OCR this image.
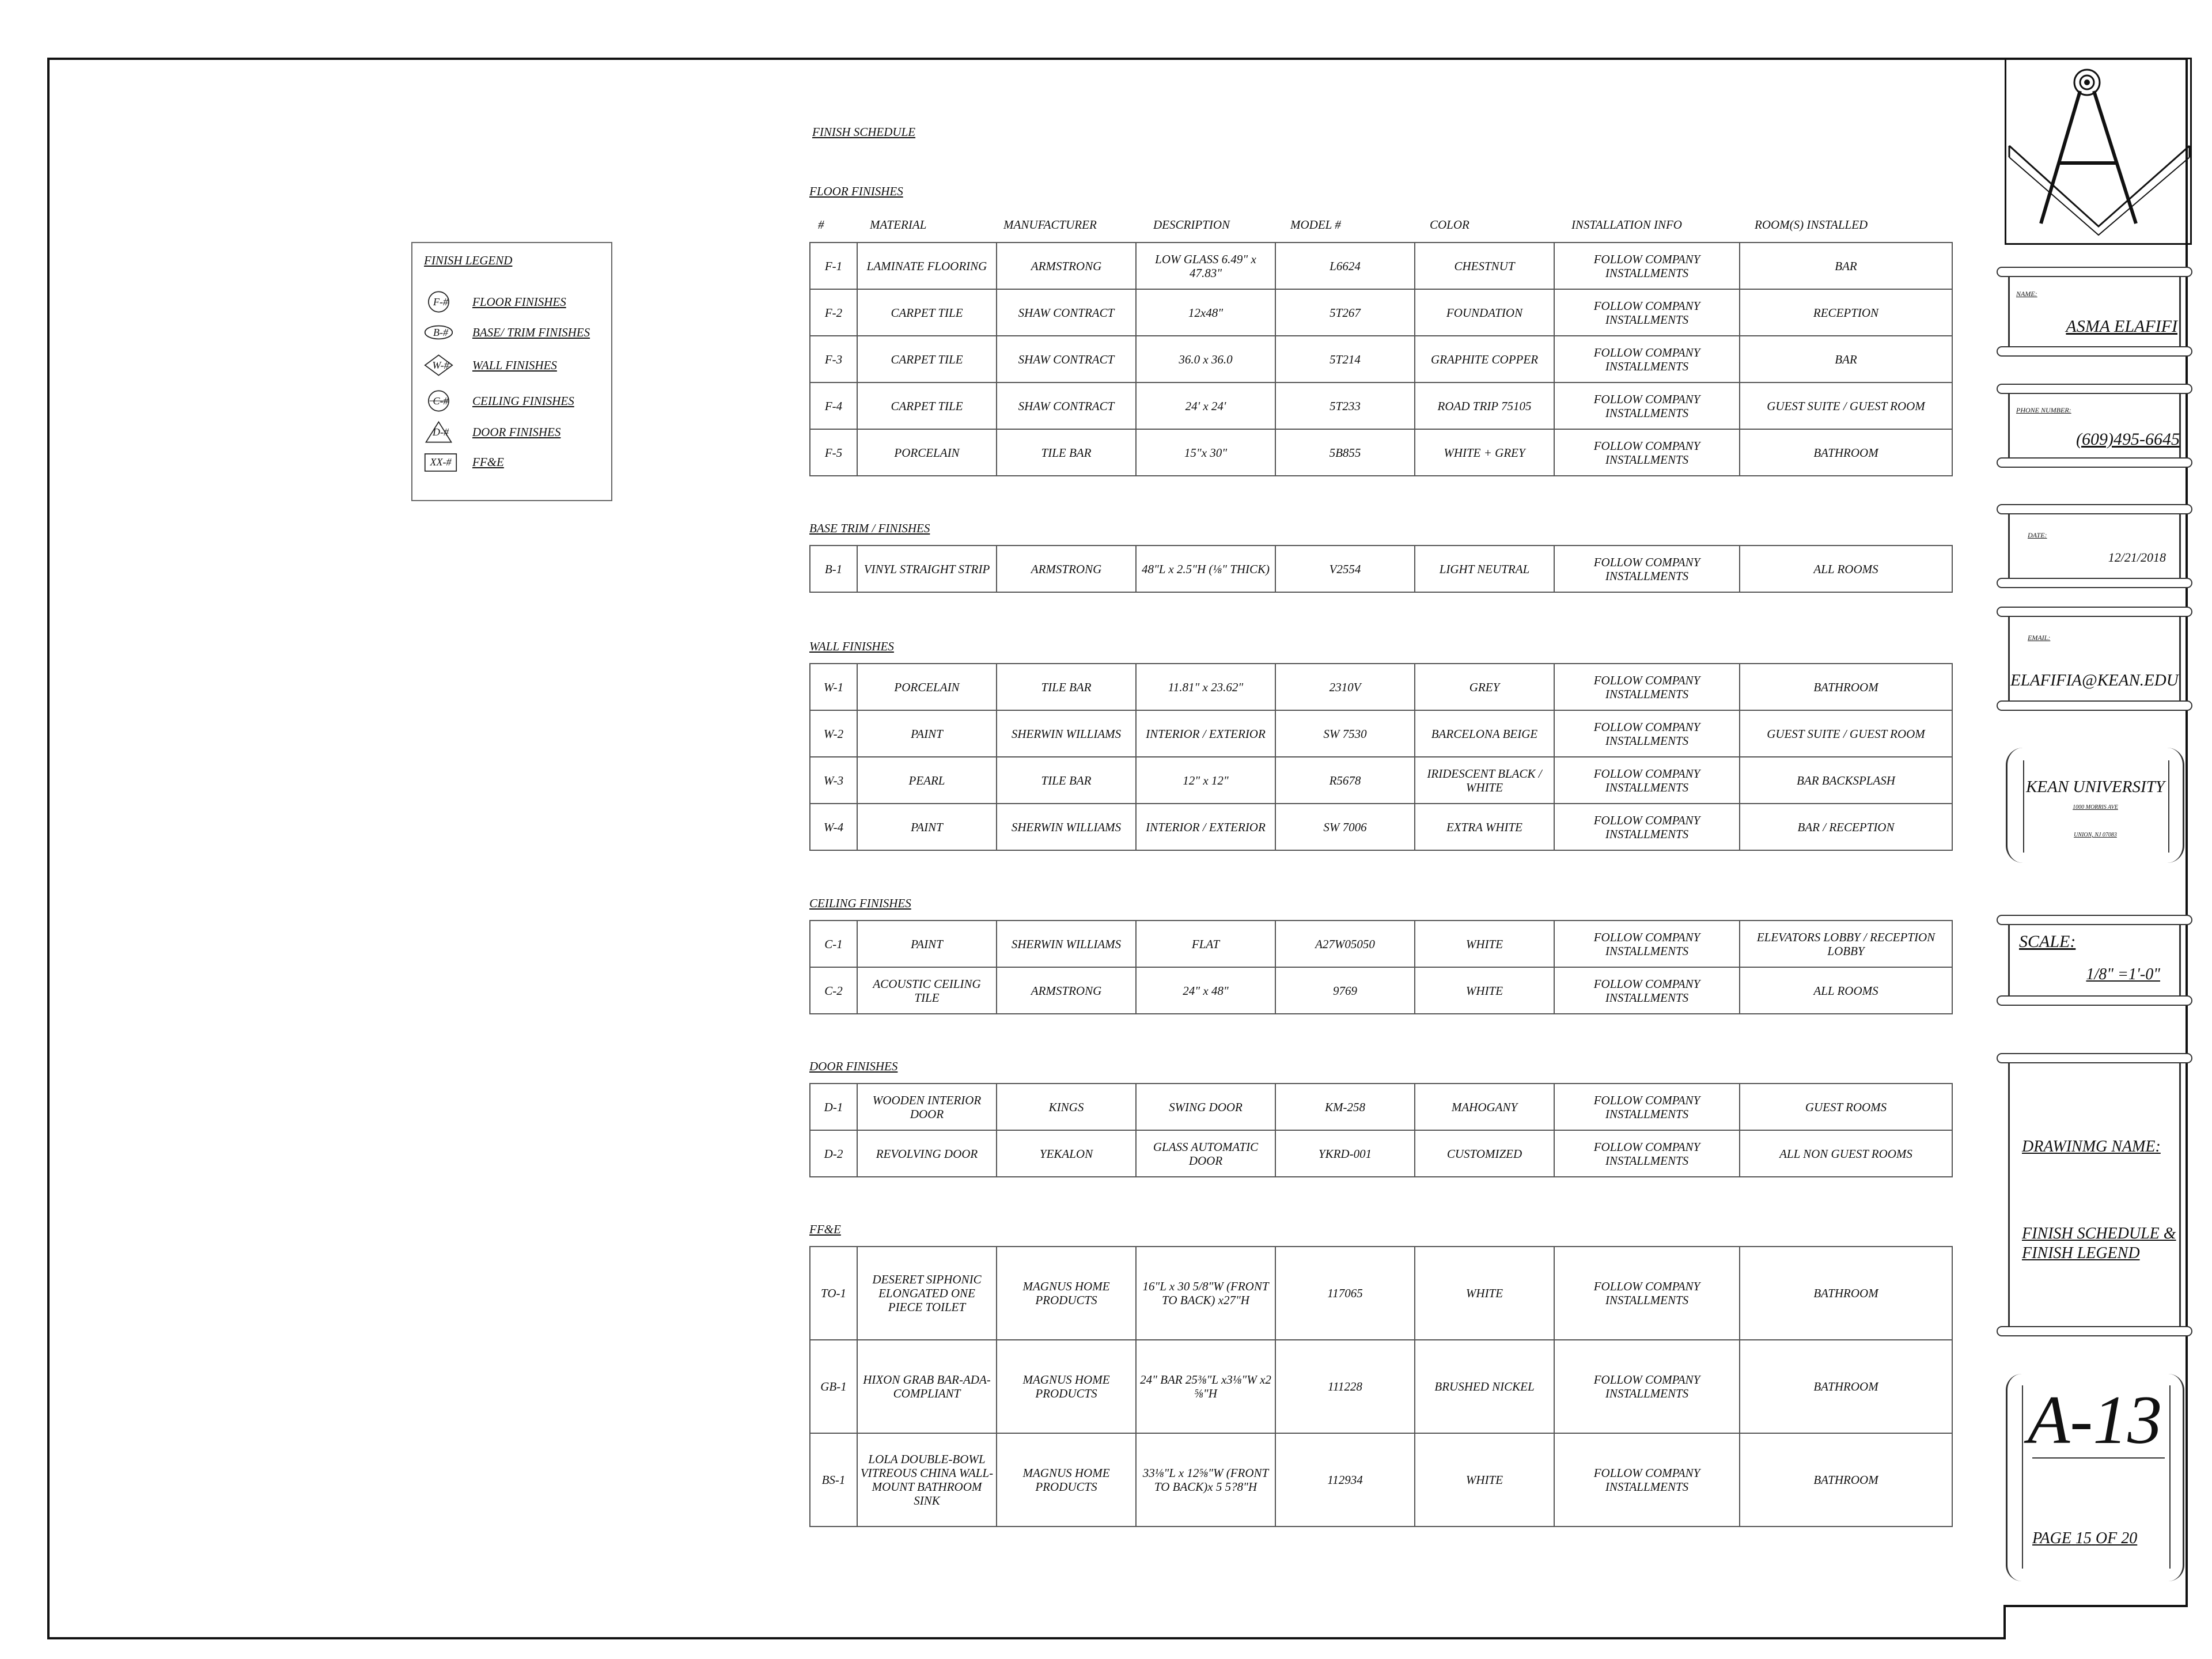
FINISH LEGEND
F-#	FLOOR FINISHES
B-#	BASE/ TRIM FINISHES
W-#	WALL FINISHES
C-#	CEILING FINISHES
D-#	DOOR FINISHES
XX-#	FF&E
FINISH SCHEDULE
#	MATERIAL	MANUFACTURER	DESCRIPTION	MODEL #	COLOR	INSTALLATION INFO	ROOM(S) INSTALLED
FLOOR FINISHES
F-1	LAMINATE FLOORING	ARMSTRONG	LOW GLASS 6.49" x 47.83"	L6624	CHESTNUT	FOLLOW COMPANY INSTALLMENTS	BAR
F-2	CARPET TILE	SHAW CONTRACT	12x48"	5T267	FOUNDATION	FOLLOW COMPANY INSTALLMENTS	RECEPTION
F-3	CARPET TILE	SHAW CONTRACT	36.0 x 36.0	5T214	GRAPHITE COPPER	FOLLOW COMPANY INSTALLMENTS	BAR
F-4	CARPET TILE	SHAW CONTRACT	24' x 24'	5T233	ROAD TRIP 75105	FOLLOW COMPANY INSTALLMENTS	GUEST SUITE / GUEST ROOM
F-5	PORCELAIN	TILE BAR	15"x 30"	5B855	WHITE + GREY	FOLLOW COMPANY INSTALLMENTS	BATHROOM
BASE TRIM / FINISHES
B-1	VINYL STRAIGHT STRIP	ARMSTRONG	48"L x 2.5"H (⅛" THICK)	V2554	LIGHT NEUTRAL	FOLLOW COMPANY INSTALLMENTS	ALL ROOMS
WALL FINISHES
W-1	PORCELAIN	TILE BAR	11.81" x 23.62"	2310V	GREY	FOLLOW COMPANY INSTALLMENTS	BATHROOM
W-2	PAINT	SHERWIN WILLIAMS	INTERIOR / EXTERIOR	SW 7530	BARCELONA BEIGE	FOLLOW COMPANY INSTALLMENTS	GUEST SUITE / GUEST ROOM
W-3	PEARL	TILE BAR	12" x 12"	R5678	IRIDESCENT BLACK / WHITE	FOLLOW COMPANY INSTALLMENTS	BAR BACKSPLASH
W-4	PAINT	SHERWIN WILLIAMS	INTERIOR / EXTERIOR	SW 7006	EXTRA WHITE	FOLLOW COMPANY INSTALLMENTS	BAR / RECEPTION
CEILING FINISHES
C-1	PAINT	SHERWIN WILLIAMS	FLAT	A27W05050	WHITE	FOLLOW COMPANY INSTALLMENTS	ELEVATORS LOBBY / RECEPTION LOBBY
C-2	ACOUSTIC CEILING TILE	ARMSTRONG	24" x 48"	9769	WHITE	FOLLOW COMPANY INSTALLMENTS	ALL ROOMS
DOOR FINISHES
D-1	WOODEN INTERIOR DOOR	KINGS	SWING DOOR	KM-258	MAHOGANY	FOLLOW COMPANY INSTALLMENTS	GUEST ROOMS
D-2	REVOLVING DOOR	YEKALON	GLASS AUTOMATIC DOOR	YKRD-001	CUSTOMIZED	FOLLOW COMPANY INSTALLMENTS	ALL NON GUEST ROOMS
FF&E
TO-1	DESERET SIPHONIC ELONGATED ONE PIECE TOILET	MAGNUS HOME PRODUCTS	16"L x 30 5/8"W (FRONT TO BACK) x27"H	117065	WHITE	FOLLOW COMPANY INSTALLMENTS	BATHROOM
GB-1	HIXON GRAB BAR-ADA-COMPLIANT	MAGNUS HOME PRODUCTS	24" BAR 25⅜"L x3⅛"W x2 ⅝"H	111228	BRUSHED NICKEL	FOLLOW COMPANY INSTALLMENTS	BATHROOM
BS-1	LOLA DOUBLE-BOWL VITREOUS CHINA WALL-MOUNT BATHROOM SINK	MAGNUS HOME PRODUCTS	33⅛"L x 12⅝"W (FRONT TO BACK)x 5 5?8"H	112934	WHITE	FOLLOW COMPANY INSTALLMENTS	BATHROOM
NAME:
ASMA ELAFIFI
PHONE NUMBER:
(609)495-6645
DATE:
12/21/2018
EMAIL:
ELAFIFIA@KEAN.EDU
KEAN UNIVERSITY
1000 MORRIS AVE
UNION, NJ 07083
SCALE:
1/8" =1'-0"
DRAWINMG NAME:
FINISH SCHEDULE & FINISH LEGEND
A-13
PAGE 15 OF 20
